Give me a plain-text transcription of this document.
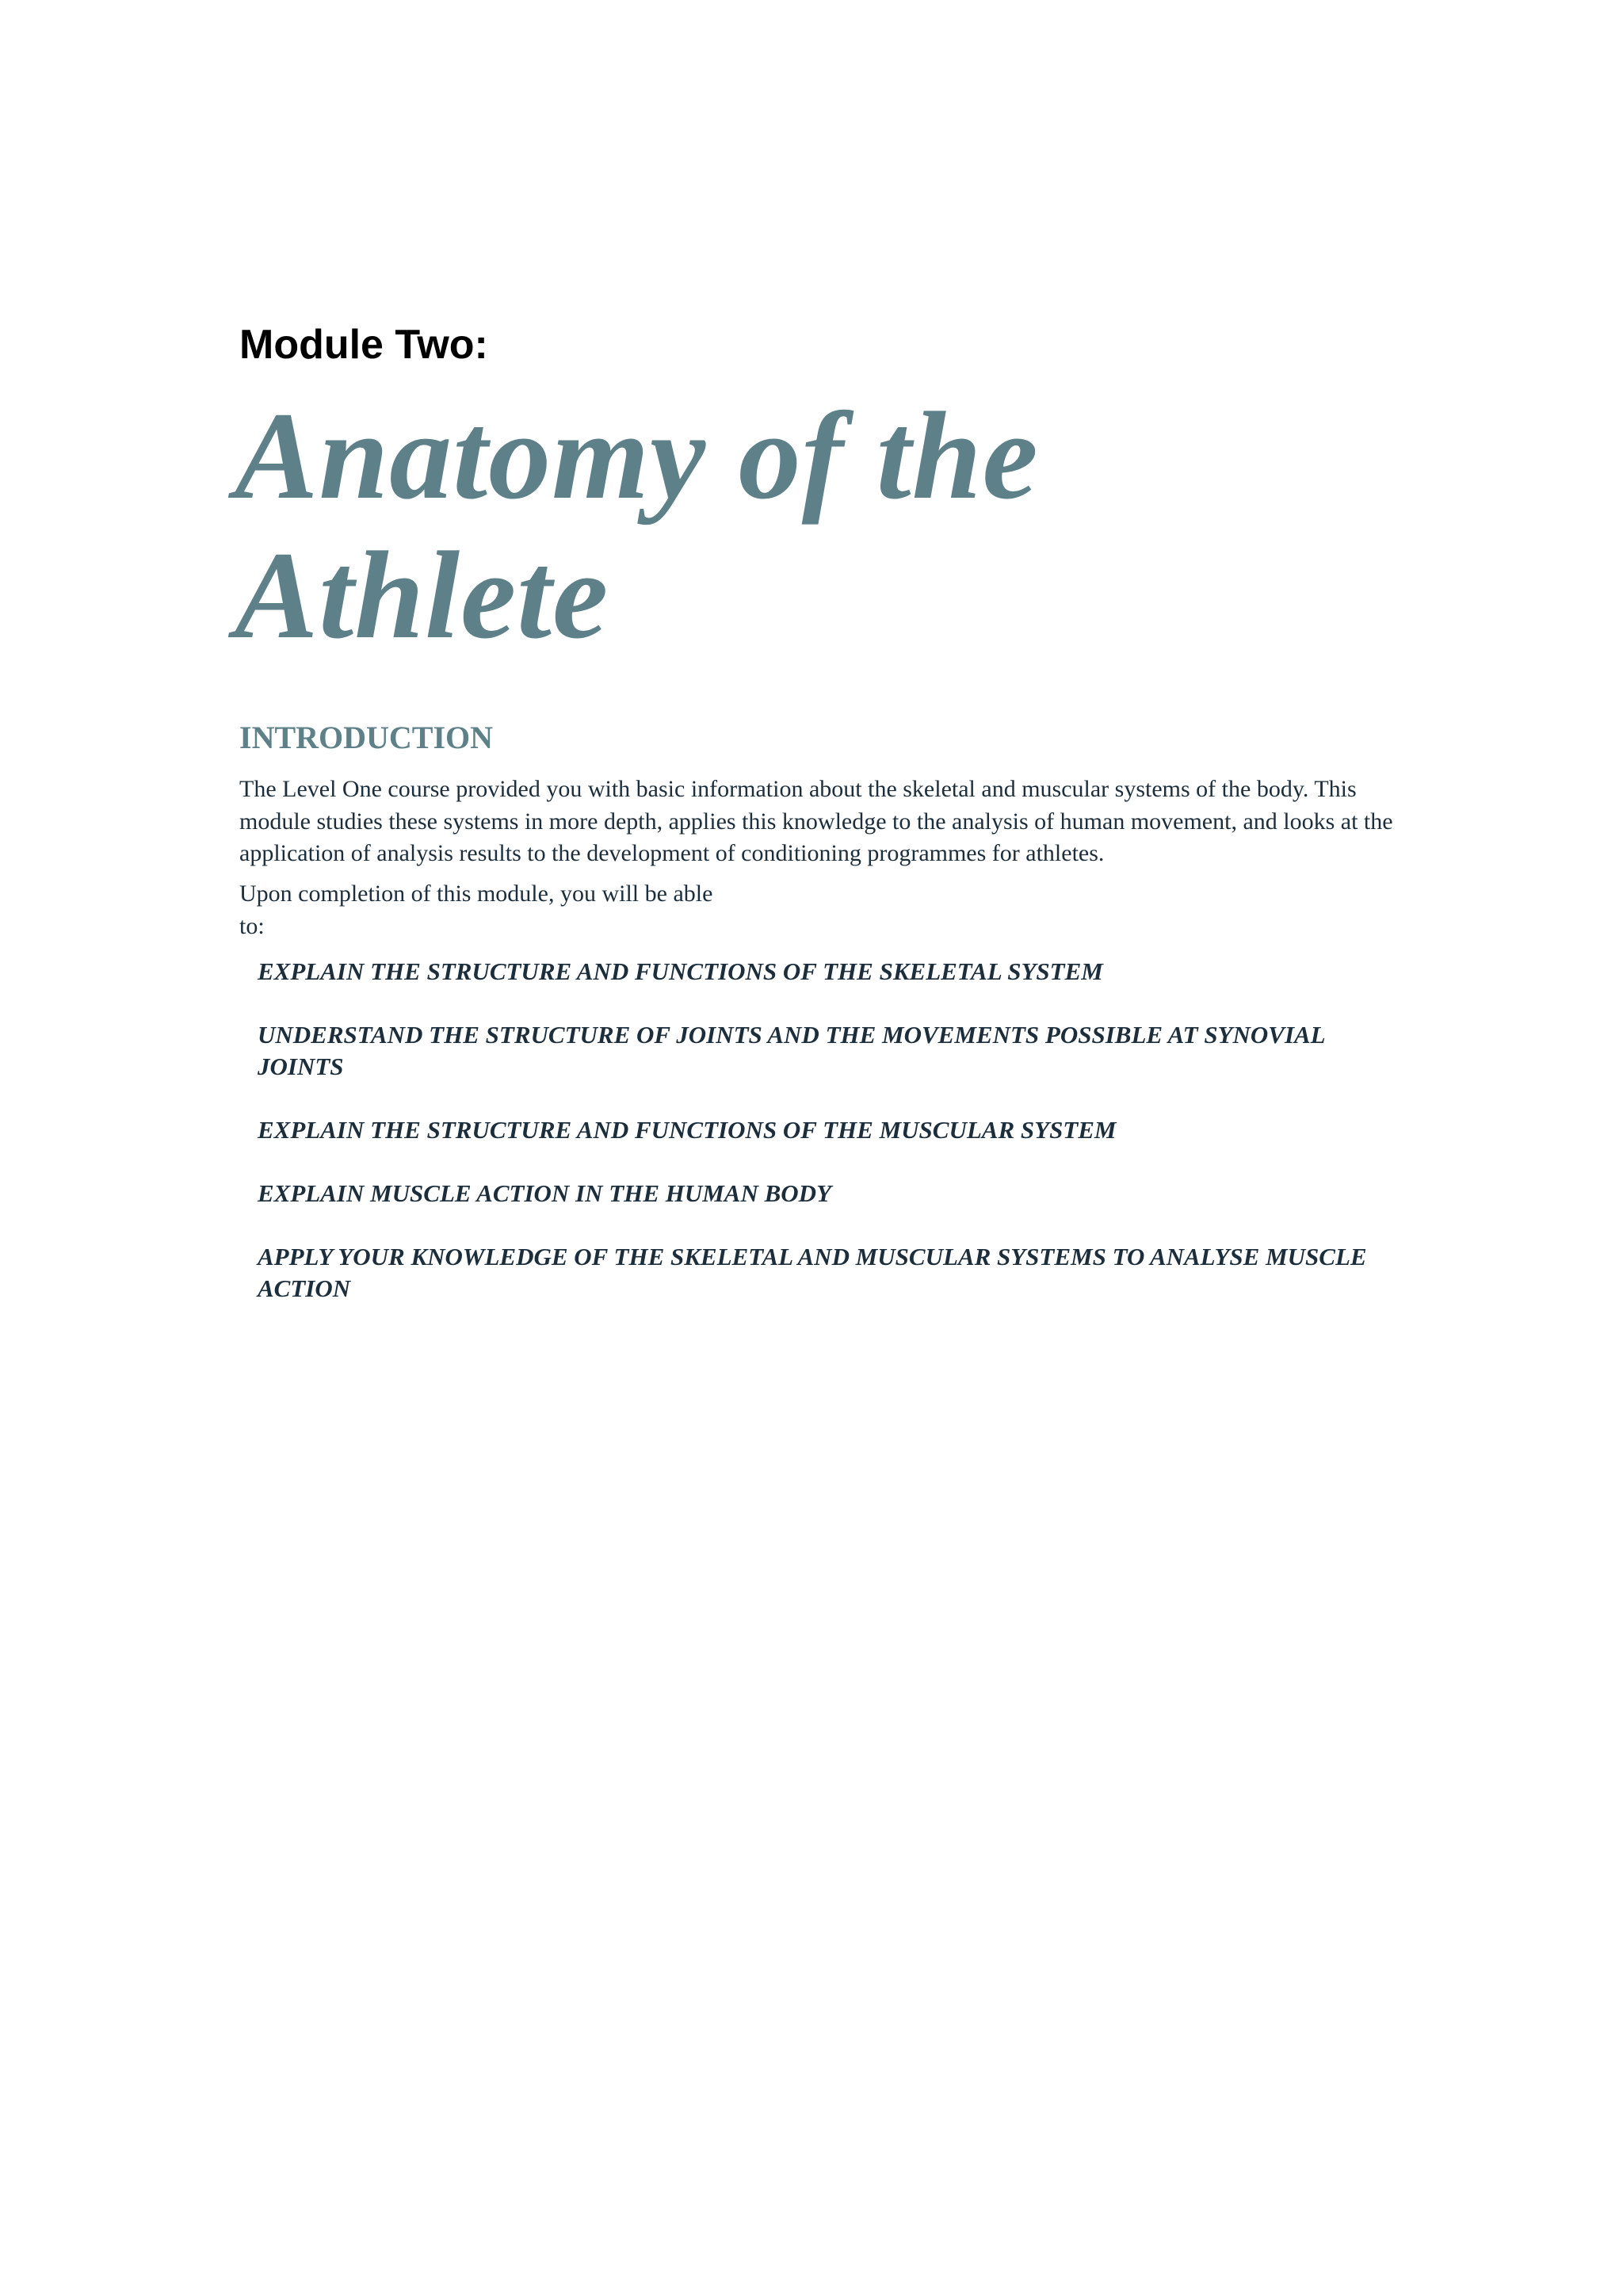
Module Two:
Anatomy of the
Athlete
INTRODUCTION

The Level One course provided you with basic information about the skeletal and muscular systems of the body. This module studies these systems in more depth, applies this knowledge to the analysis of human movement, and looks at the application of analysis results to the development of conditioning programmes for athletes.

Upon completion of this module, you will be able to:

EXPLAIN THE STRUCTURE AND FUNCTIONS OF THE SKELETAL SYSTEM
UNDERSTAND THE STRUCTURE OF JOINTS AND THE MOVEMENTS POSSIBLE AT SYNOVIAL JOINTS
EXPLAIN THE STRUCTURE AND FUNCTIONS OF THE MUSCULAR SYSTEM
EXPLAIN MUSCLE ACTION IN THE HUMAN BODY
APPLY YOUR KNOWLEDGE OF THE SKELETAL AND MUSCULAR SYSTEMS TO ANALYSE MUSCLE ACTION
